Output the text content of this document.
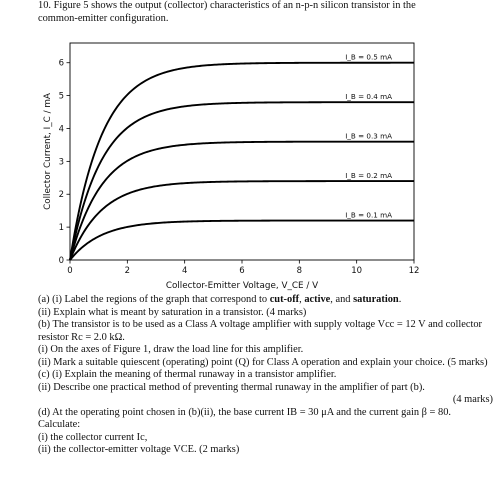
10. Figure 5 shows the output (collector) characteristics of an n-p-n silicon transistor in the
common-emitter configuration.
0	2	4	6	8	10	12
0
1
2
3
4
5
6
Collector-Emitter Voltage, V_CE / V
Collector Current, I_C / mA
I_B = 0.1 mA
I_B = 0.2 mA
I_B = 0.3 mA
I_B = 0.4 mA
I_B = 0.5 mA

(a) (i) Label the regions of the graph that correspond to cut-off, active, and saturation.

(ii) Explain what is meant by saturation in a transistor. (4 marks)

(b) The transistor is to be used as a Class A voltage amplifier with supply voltage Vcc = 12 V and collector resistor Rc = 2.0 kΩ.

(i) On the axes of Figure 1, draw the load line for this amplifier.

(ii) Mark a suitable quiescent (operating) point (Q) for Class A operation and explain your choice. (5 marks)

(c) (i) Explain the meaning of thermal runaway in a transistor amplifier.

(ii) Describe one practical method of preventing thermal runaway in the amplifier of part (b).

(4 marks)

(d) At the operating point chosen in (b)(ii), the base current IB = 30 μA and the current gain β = 80.

Calculate:

(i) the collector current Ic,

(ii) the collector-emitter voltage VCE. (2 marks)
